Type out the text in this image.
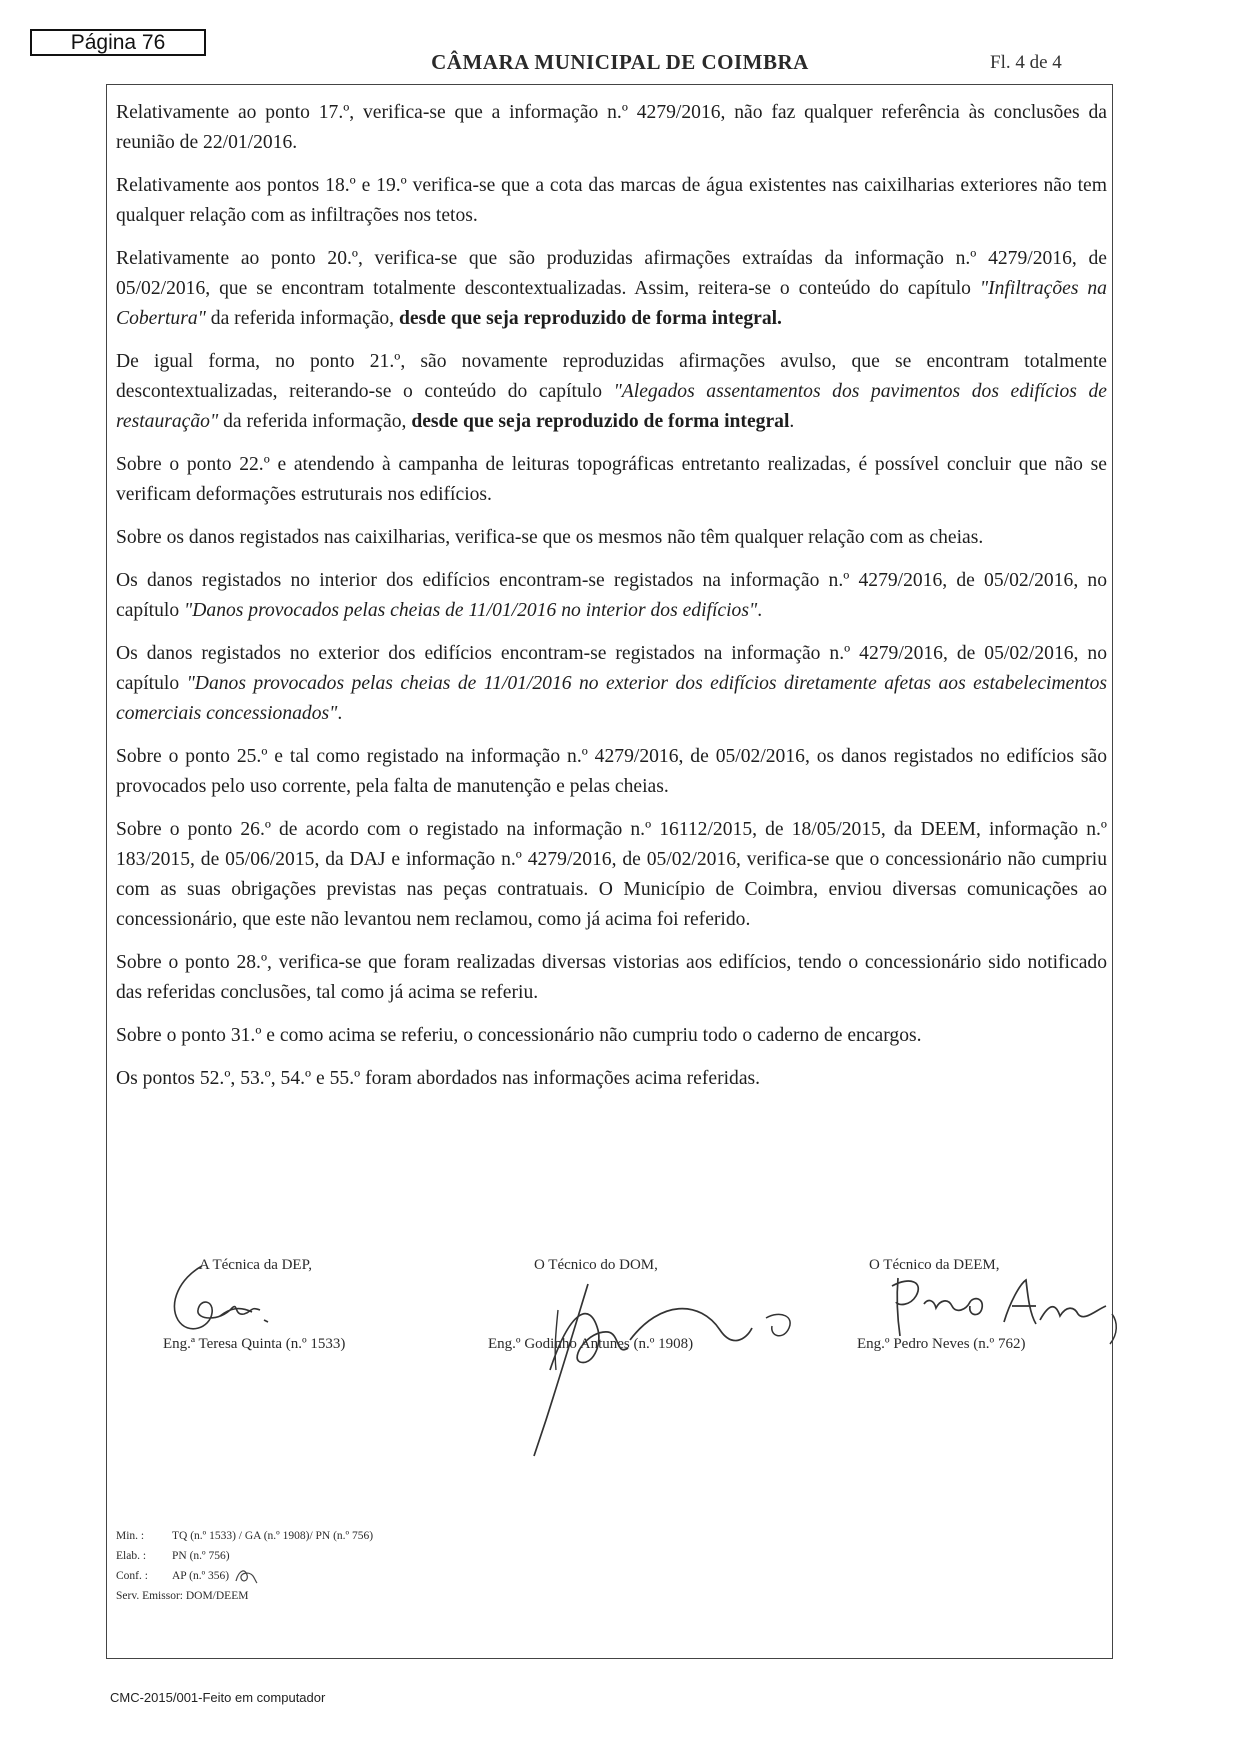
Página 76
CÂMARA MUNICIPAL DE COIMBRA	Fl. 4 de 4

Relativamente ao ponto 17.º, verifica-se que a informação n.º 4279/2016, não faz qualquer referência às conclusões da reunião de 22/01/2016.

Relativamente aos pontos 18.º e 19.º verifica-se que a cota das marcas de água existentes nas caixilharias exteriores não tem qualquer relação com as infiltrações nos tetos.

Relativamente ao ponto 20.º, verifica-se que são produzidas afirmações extraídas da informação n.º 4279/2016, de 05/02/2016, que se encontram totalmente descontextualizadas. Assim, reitera-se o conteúdo do capítulo "Infiltrações na Cobertura" da referida informação, desde que seja reproduzido de forma integral.

De igual forma, no ponto 21.º, são novamente reproduzidas afirmações avulso, que se encontram totalmente descontextualizadas, reiterando-se o conteúdo do capítulo "Alegados assentamentos dos pavimentos dos edifícios de restauração" da referida informação, desde que seja reproduzido de forma integral.

Sobre o ponto 22.º e atendendo à campanha de leituras topográficas entretanto realizadas, é possível concluir que não se verificam deformações estruturais nos edifícios.

Sobre os danos registados nas caixilharias, verifica-se que os mesmos não têm qualquer relação com as cheias.

Os danos registados no interior dos edifícios encontram-se registados na informação n.º 4279/2016, de 05/02/2016, no capítulo "Danos provocados pelas cheias de 11/01/2016 no interior dos edifícios".

Os danos registados no exterior dos edifícios encontram-se registados na informação n.º 4279/2016, de 05/02/2016, no capítulo "Danos provocados pelas cheias de 11/01/2016 no exterior dos edifícios diretamente afetas aos estabelecimentos comerciais concessionados".

Sobre o ponto 25.º e tal como registado na informação n.º 4279/2016, de 05/02/2016, os danos registados no edifícios são provocados pelo uso corrente, pela falta de manutenção e pelas cheias.

Sobre o ponto 26.º de acordo com o registado na informação n.º 16112/2015, de 18/05/2015, da DEEM, informação n.º 183/2015, de 05/06/2015, da DAJ e informação n.º 4279/2016, de 05/02/2016, verifica-se que o concessionário não cumpriu com as suas obrigações previstas nas peças contratuais. O Município de Coimbra, enviou diversas comunicações ao concessionário, que este não levantou nem reclamou, como já acima foi referido.

Sobre o ponto 28.º, verifica-se que foram realizadas diversas vistorias aos edifícios, tendo o concessionário sido notificado das referidas conclusões, tal como já acima se referiu.

Sobre o ponto 31.º e como acima se referiu, o concessionário não cumpriu todo o caderno de encargos.

Os pontos 52.º, 53.º, 54.º e 55.º foram abordados nas informações acima referidas.

A Técnica da DEP,
Eng.ª Teresa Quinta (n.º 1533)
O Técnico do DOM,
Eng.º Godinho Antunes (n.º 1908)
O Técnico da DEEM,
Eng.º Pedro Neves (n.º 762)
Min. :	TQ (n.º 1533) / GA (n.º 1908)/ PN (n.º 756)
Elab. :	PN (n.º 756)
Conf. :	AP (n.º 356)
Serv. Emissor: DOM/DEEM
CMC-2015/001-Feito em computador
